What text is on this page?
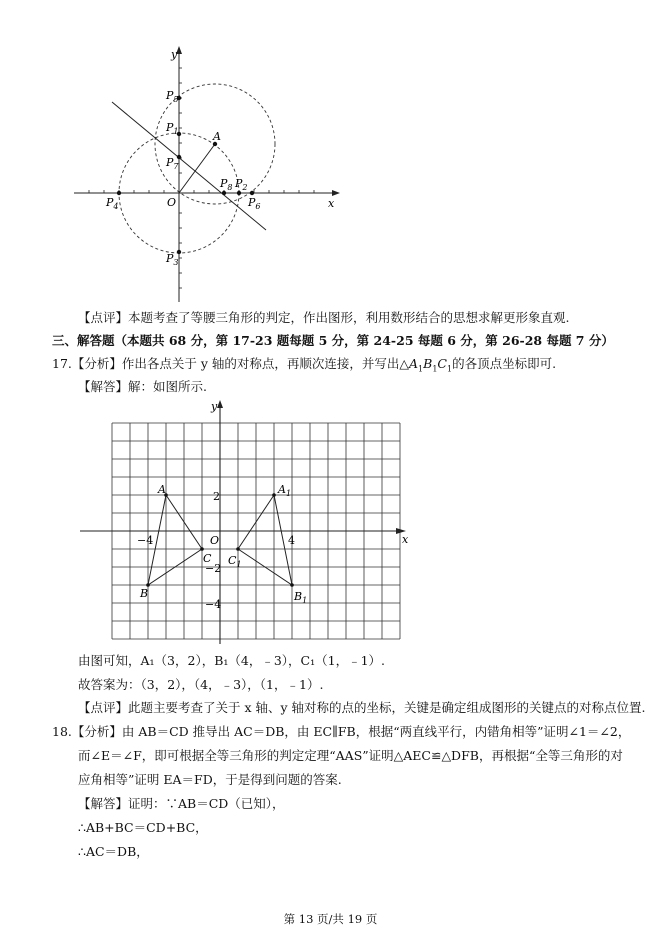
y
x
O
$P_5$
$P_1$	A
$P_7$
$P_8$ $P_2$
$P_6$
$P_4$
$P_3$
【点评】本题考查了等腰三角形的判定，作出图形，利用数形结合的思想求解更形象直观.
三、解答题（本题共 68 分，第 17-23 题每题 5 分，第 24-25 每题 6 分，第 26-28 每题 7 分）
17.【分析】作出各点关于 y 轴的对称点，再顺次连接，并写出$\triangle A_1B_1C_1$的各顶点坐标即可.
【解答】解：如图所示.
y
x
O
−4	4
2
−2
−4
A
B
C
$A_1$
$B_1$
$C_1$
由图可知，A₁（3，2），B₁（4，﹣3），C₁（1，﹣1）.
故答案为：（3，2），（4，﹣3），（1，﹣1）.
【点评】此题主要考查了关于 x 轴、y 轴对称的点的坐标，关键是确定组成图形的关键点的对称点位置.
18.【分析】由 AB＝CD 推导出 AC＝DB，由 EC∥FB，根据“两直线平行，内错角相等”证明∠1＝∠2，
而∠E＝∠F，即可根据全等三角形的判定定理“AAS”证明△AEC≌△DFB，再根据“全等三角形的对
应角相等”证明 EA＝FD，于是得到问题的答案.
【解答】证明：∵AB＝CD（已知），
∴AB+BC＝CD+BC，
∴AC＝DB，
第 13 页/共 19 页
